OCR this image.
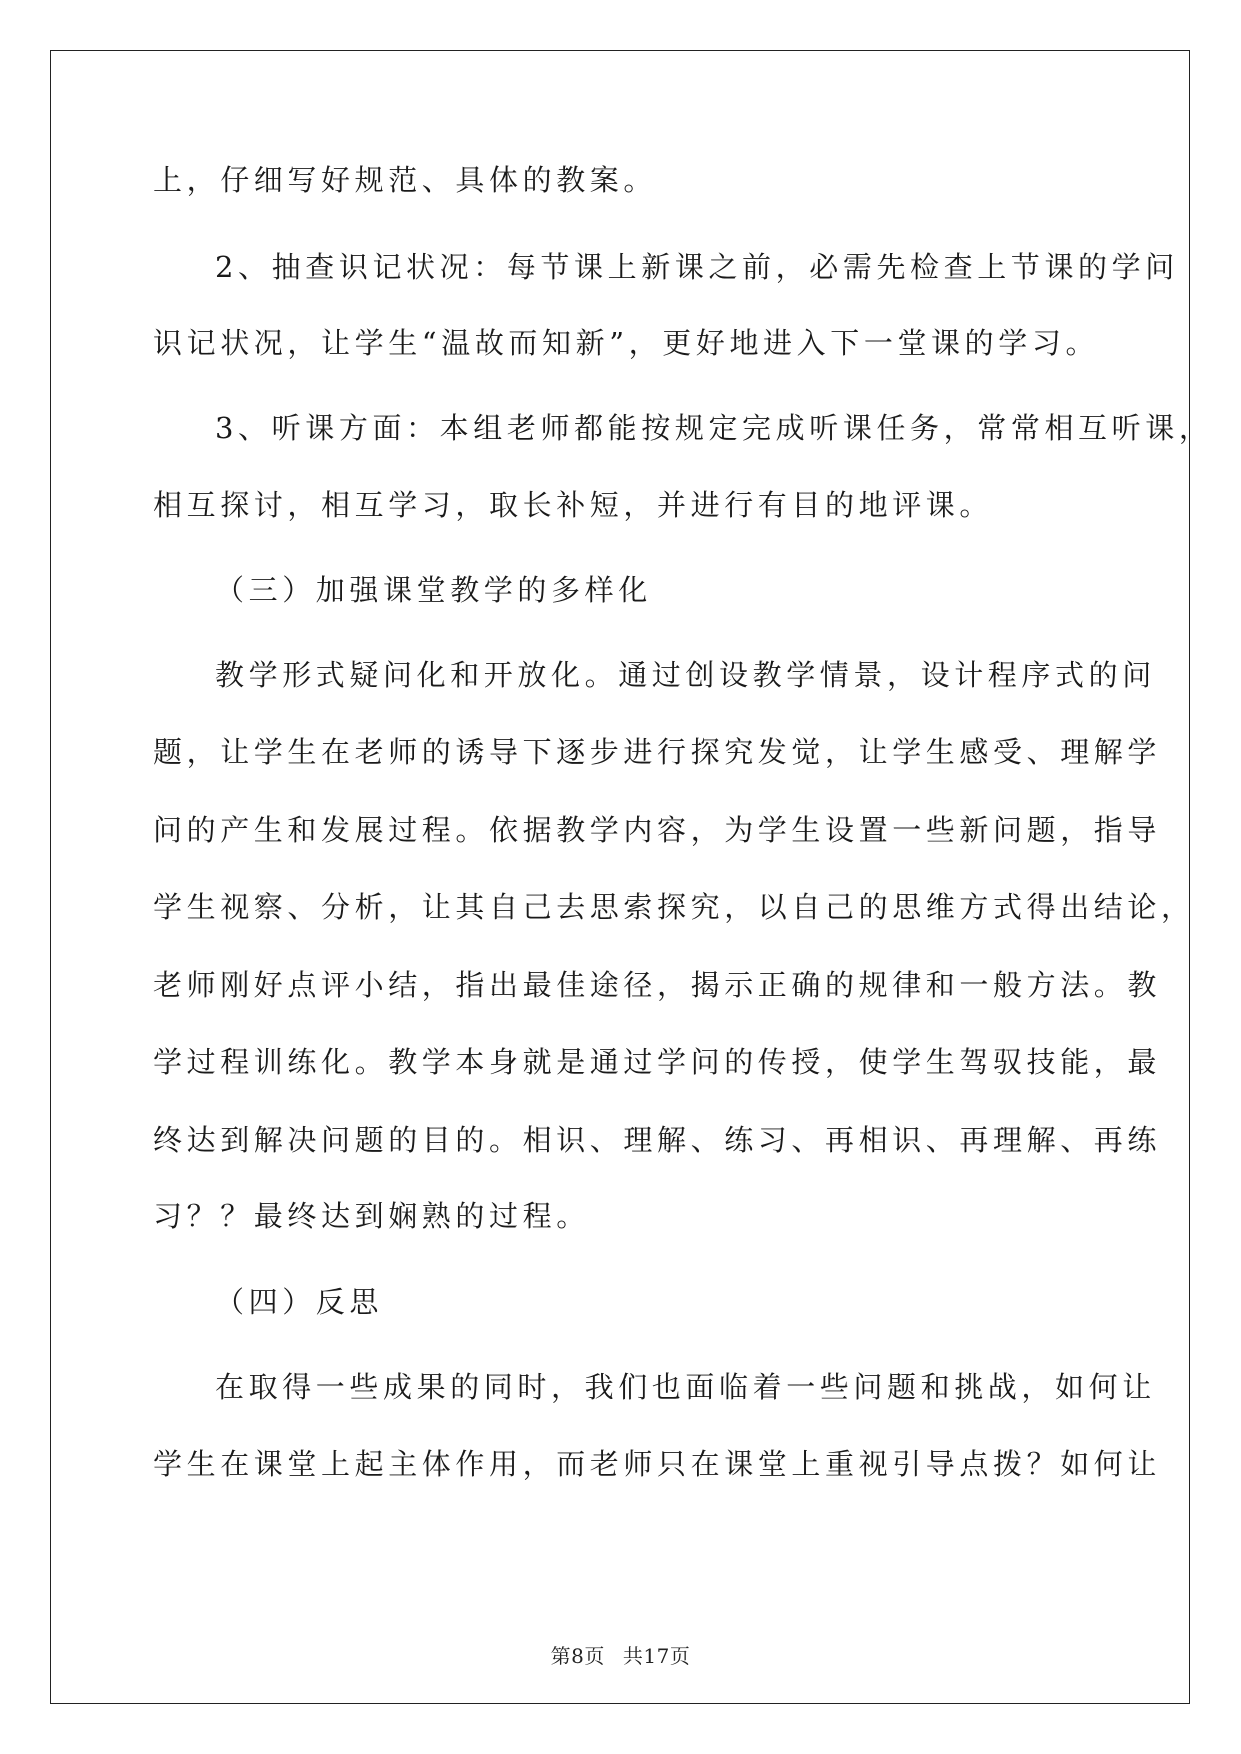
上，仔细写好规范、具体的教案。

2、抽查识记状况：每节课上新课之前，必需先检查上节课的学问

识记状况，让学生“温故而知新”，更好地进入下一堂课的学习。

3、听课方面：本组老师都能按规定完成听课任务，常常相互听课，

相互探讨，相互学习，取长补短，并进行有目的地评课。

（三）加强课堂教学的多样化

教学形式疑问化和开放化。通过创设教学情景，设计程序式的问

题，让学生在老师的诱导下逐步进行探究发觉，让学生感受、理解学

问的产生和发展过程。依据教学内容，为学生设置一些新问题，指导

学生视察、分析，让其自己去思索探究，以自己的思维方式得出结论，

老师刚好点评小结，指出最佳途径，揭示正确的规律和一般方法。教

学过程训练化。教学本身就是通过学问的传授，使学生驾驭技能，最

终达到解决问题的目的。相识、理解、练习、再相识、再理解、再练

习？？最终达到娴熟的过程。

（四）反思

在取得一些成果的同时，我们也面临着一些问题和挑战，如何让

学生在课堂上起主体作用，而老师只在课堂上重视引导点拨？如何让

第8页 共17页
